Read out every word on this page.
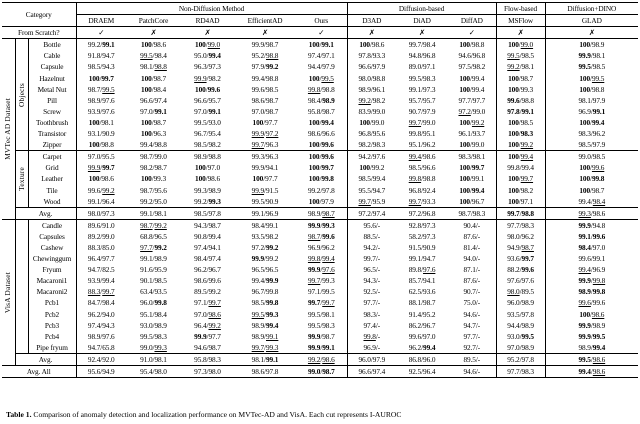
Category			Non-Diffusion Method					Diffusion-based			Flow-based	Diffusion+DINO
			DRAEM	PatchCore	RD4AD	EfficientAD	Ours	D3AD	DiAD	DiffAD	MSFlow	GLAD
From Scratch?			✓	✗	✗	✗	✓	✗	✗	✓	✗	✗

MVTec AD Dataset	Objects	Bottle	99.2/99.1	100/98.6	100/99.0	99.9/98.7	100/99.1	100/98.6	99.7/98.4	100/98.8	100/99.0	100/98.9
		Cable	91.8/94.7	99.5/98.4	95.0/99.4	95.2/98.8	97.4/97.1	97.8/93.3	94.8/96.8	94.6/96.8	99.5/98.5	99.9/98.1
		Capsule	98.5/94.3	98.1/98.8	96.3/97.3	97.9/99.2	94.4/97.9	96.6/97.9	89.0/97.1	97.5/98.2	99.2/98.1	99.5/98.5
		Hazelnut	100/99.7	100/98.7	99.9/98.2	99.4/98.8	100/99.5	98.0/98.8	99.5/98.3	100/99.4	100/98.7	100/99.5
		Metal Nut	98.7/99.5	100/98.4	100/99.6	99.6/98.5	99.8/98.8	98.9/96.1	99.1/97.3	100/99.4	100/99.3	100/98.8
		Pill	98.9/97.6	96.6/97.4	96.6/95.7	98.6/98.7	98.4/98.9	99.2/98.2	95.7/95.7	97.7/97.7	99.6/98.8	98.1/97.9
		Screw	93.9/97.6	97.0/99.1	97.0/99.1	97.0/98.7	95.8/98.7	83.9/99.0	90.7/97.9	97.2/99.0	97.8/99.1	96.9/99.1
		Toothbrush	100/98.1	100/98.7	99.5/93.0	100/97.7	100/99.4	100/99.0	99.7/99.0	100/99.2	100/98.5	100/99.4
		Transistor	93.1/90.9	100/96.3	96.7/95.4	99.9/97.2	98.6/96.6	96.8/95.6	99.8/95.1	96.1/93.7	100/98.3	98.3/96.2
		Zipper	100/98.8	99.4/98.8	98.5/98.2	99.7/96.3	100/99.6	98.2/98.3	95.1/96.2	100/99.0	100/99.2	98.5/97.9

	Texture	Carpet	97.0/95.5	98.7/99.0	98.9/98.8	99.3/96.3	100/99.6	94.2/97.6	99.4/98.6	98.3/98.1	100/99.4	99.0/98.5
		Grid	99.9/99.7	98.2/98.7	100/97.0	99.9/94.1	100/99.7	100/99.2	98.5/96.6	100/99.7	99.8/99.4	100/99.6
		Leather	100/98.6	100/99.3	100/98.6	100/97.7	100/99.8	98.5/99.4	99.8/98.8	100/99.1	100/99.7	100/99.8
		Tile	99.6/99.2	98.7/95.6	99.3/98.9	99.9/91.5	99.2/97.8	95.5/94.7	96.8/92.4	100/99.4	100/98.2	100/98.7
		Wood	99.1/96.4	99.2/95.0	99.2/99.3	99.5/90.9	100/97.9	99.7/95.9	99.7/93.3	100/96.7	100/97.1	99.4/98.4
	Avg.		98.0/97.3	99.1/98.1	98.5/97.8	99.1/96.9	98.9/98.7	97.2/97.4	97.2/96.8	98.7/98.3	99.7/98.8	99.3/98.6

VisA Dataset		Candle	89.6/91.0	98.7/99.2	94.3/98.7	98.4/99.1	99.9/99.3	95.6/-	92.8/97.3	90.4/-	97.7/98.3	99.9/94.8
		Capsules	89.2/99.0	68.8/96.5	90.8/99.4	93.5/98.2	98.7/99.6	88.5/-	58.2/97.3	87.6/-	98.0/96.2	99.1/99.6
		Cashew	88.3/85.0	97.7/99.2	97.4/94.1	97.2/99.2	96.9/96.2	94.2/-	91.5/90.9	81.4/-	94.9/98.7	98.4/97.0
		Chewinggum	96.4/97.7	99.1/98.9	98.4/97.4	99.9/99.2	99.8/99.4	99.7/-	99.1/94.7	94.0/-	93.6/99.7	99.6/99.1
		Fryum	94.7/82.5	91.6/95.9	96.2/96.7	96.5/96.5	99.9/97.6	96.5/-	89.8/97.6	87.1/-	88.2/99.6	99.4/96.9
		Macaroni1	93.9/99.4	90.1/98.5	98.6/99.6	99.4/99.9	99.7/99.3	94.3/-	85.7/94.1	87.6/-	97.6/97.6	99.9/99.8
		Macaroni2	88.3/99.7	63.4/93.5	89.5/99.2	96.7/99.8	97.1/99.5	92.5/-	62.5/93.6	90.7/-	98.0/89.5	98.9/99.8
		Pcb1	84.7/98.4	96.0/99.8	97.1/99.7	98.5/99.8	99.7/99.7	97.7/-	88.1/98.7	75.0/-	96.0/98.9	99.6/99.6
		Pcb2	96.2/94.0	95.1/98.4	97.0/98.6	99.5/99.3	99.5/98.1	98.3/-	91.4/95.2	94.6/-	93.5/97.8	100/98.6
		Pcb3	97.4/94.3	93.0/98.9	96.4/99.2	98.9/99.4	99.5/98.3	97.4/-	86.2/96.7	94.7/-	94.4/98.9	99.9/98.9
		Pcb4	98.9/97.6	99.5/98.3	99.9/97.7	98.9/99.1	99.9/98.7	99.8/-	99.6/97.0	97.7/-	93.0/99.5	99.9/99.5
		Pipe fryum	94.7/65.8	99.0/99.3	94.6/98.7	99.7/99.3	99.9/99.1	96.9/-	96.2/99.4	92.7/-	97.0/98.9	98.9/99.4
	Avg.		92.4/92.0	91.0/98.1	95.8/98.3	98.1/99.1	99.2/98.6	96.0/97.9	86.8/96.0	89.5/-	95.2/97.8	99.5/98.6
Avg. All			95.6/94.9	95.4/98.0	97.3/98.0	98.6/97.8	99.0/98.7	96.6/97.4	92.5/96.4	94.6/-	97.7/98.3	99.4/98.6
Table 1. Comparison of anomaly detection and localization performance on MVTec-AD and VisA. Each cut represents I-AUROC
